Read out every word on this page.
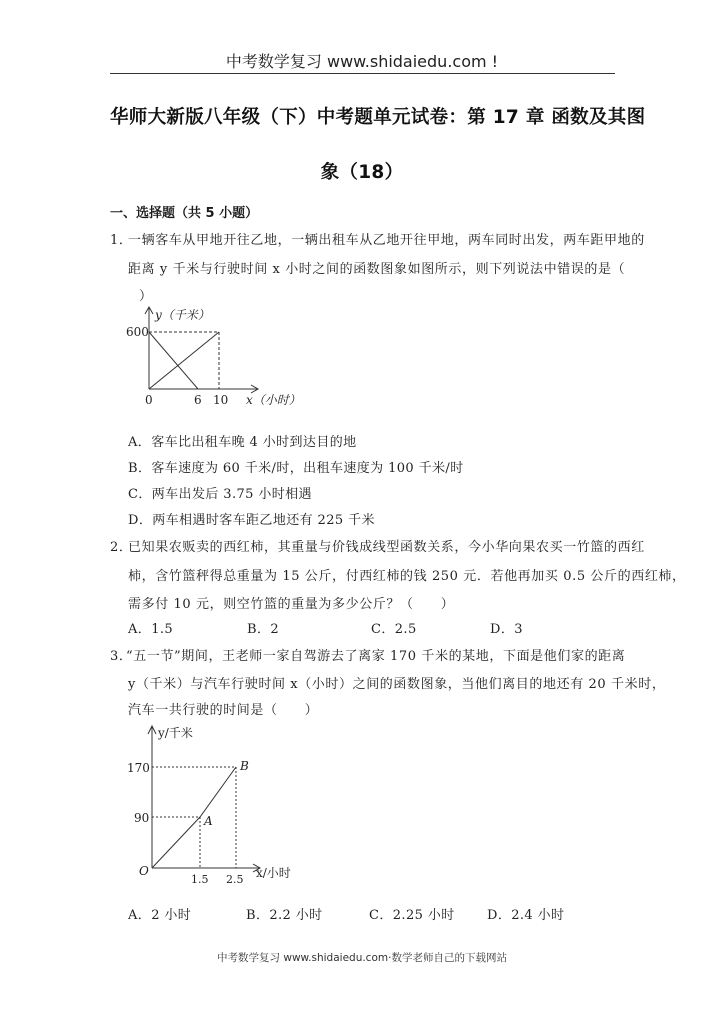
中考数学复习 www.shidaiedu.com !
华师大新版八年级（下）中考题单元试卷：第 17 章 函数及其图
象（18）
一、选择题（共 5 小题）
1．
一辆客车从甲地开往乙地，一辆出租车从乙地开往甲地，两车同时出发，两车距甲地的
距离 y 千米与行驶时间 x 小时之间的函数图象如图所示，则下列说法中错误的是（
）
y（千米）
600
0	6 10 x（小时）
A．客车比出租车晚 4 小时到达目的地
B．客车速度为 60 千米/时，出租车速度为 100 千米/时
C．两车出发后 3.75 小时相遇
D．两车相遇时客车距乙地还有 225 千米
2．
已知果农贩卖的西红柿，其重量与价钱成线型函数关系，今小华向果农买一竹篮的西红
柿，含竹篮秤得总重量为 15 公斤，付西红柿的钱 250 元．若他再加买 0.5 公斤的西红柿，
需多付 10 元，则空竹篮的重量为多少公斤？（　　）
A．1.5	B．2	C．2.5	D．3
3．
“五一节”期间，王老师一家自驾游去了离家 170 千米的某地，下面是他们家的距离
y（千米）与汽车行驶时间 x（小时）之间的函数图象，当他们离目的地还有 20 千米时，
汽车一共行驶的时间是（　　）
y/千米
170
90
B
A
O
1.5 2.5 x/小时
A．2 小时	B．2.2 小时	C．2.25 小时 D．2.4 小时
中考数学复习 www.shidaiedu.com·数学老师自己的下载网站
